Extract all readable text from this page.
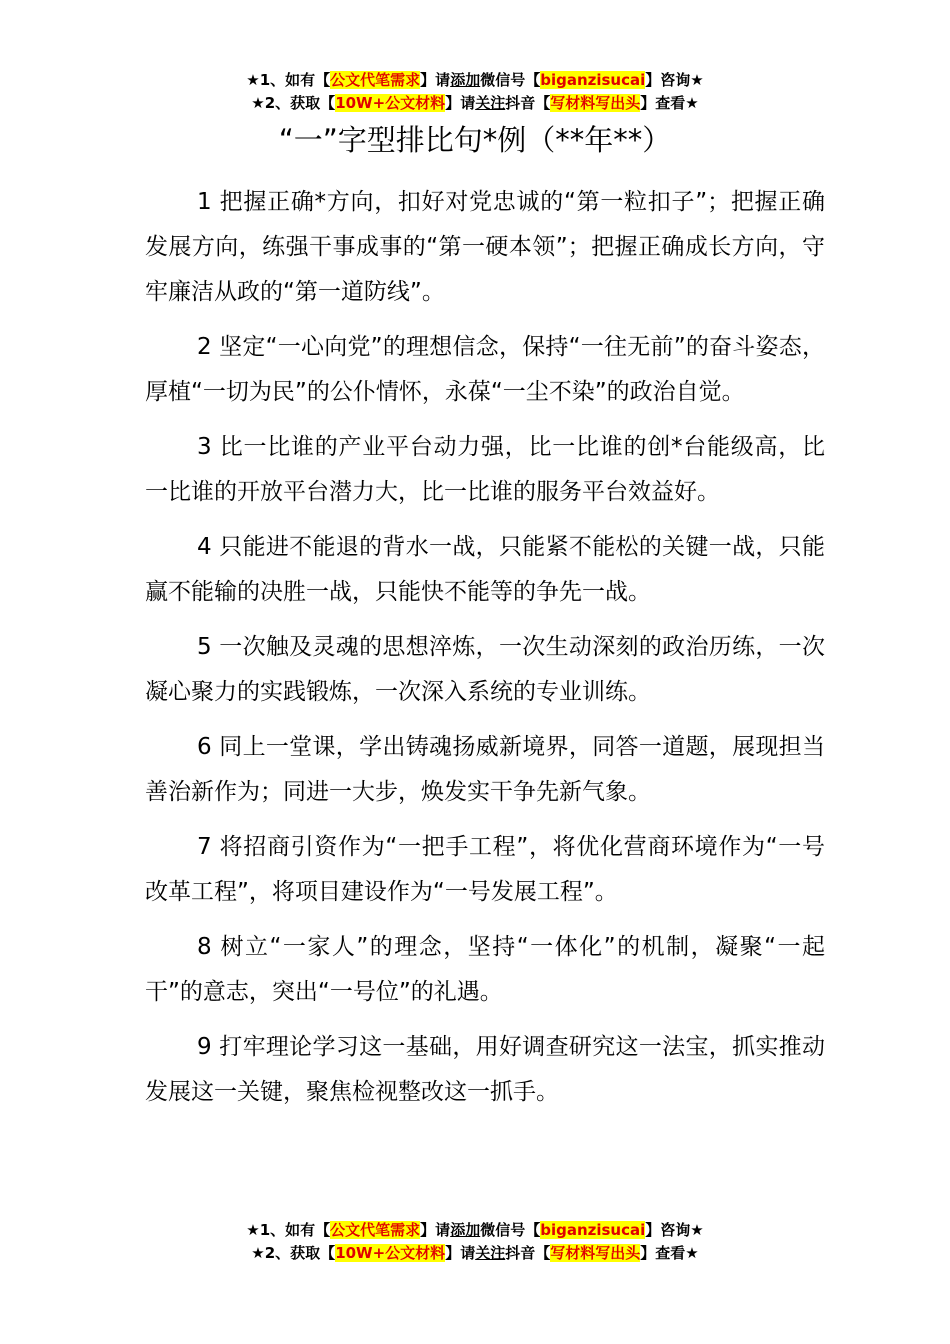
★1、如有【公文代笔需求】请添加微信号【biganzisucai】咨询★
★2、获取【10W+公文材料】请关注抖音【写材料写出头】查看★
“一”字型排比句*例（**年**）

1 把握正确*方向，扣好对党忠诚的“第一粒扣子”；把握正确发展方向，练强干事成事的“第一硬本领”；把握正确成长方向，守牢廉洁从政的“第一道防线”。

2 坚定“一心向党”的理想信念，保持“一往无前”的奋斗姿态，厚植“一切为民”的公仆情怀，永葆“一尘不染”的政治自觉。

3 比一比谁的产业平台动力强，比一比谁的创*台能级高，比一比谁的开放平台潜力大，比一比谁的服务平台效益好。

4 只能进不能退的背水一战，只能紧不能松的关键一战，只能赢不能输的决胜一战，只能快不能等的争先一战。

5 一次触及灵魂的思想淬炼，一次生动深刻的政治历练，一次凝心聚力的实践锻炼，一次深入系统的专业训练。

6 同上一堂课，学出铸魂扬威新境界，同答一道题，展现担当善治新作为；同进一大步，焕发实干争先新气象。

7 将招商引资作为“一把手工程”，将优化营商环境作为“一号改革工程”，将项目建设作为“一号发展工程”。

8 树立“一家人”的理念，坚持“一体化”的机制，凝聚“一起干”的意志，突出“一号位”的礼遇。

9 打牢理论学习这一基础，用好调查研究这一法宝，抓实推动发展这一关键，聚焦检视整改这一抓手。

★1、如有【公文代笔需求】请添加微信号【biganzisucai】咨询★
★2、获取【10W+公文材料】请关注抖音【写材料写出头】查看★
